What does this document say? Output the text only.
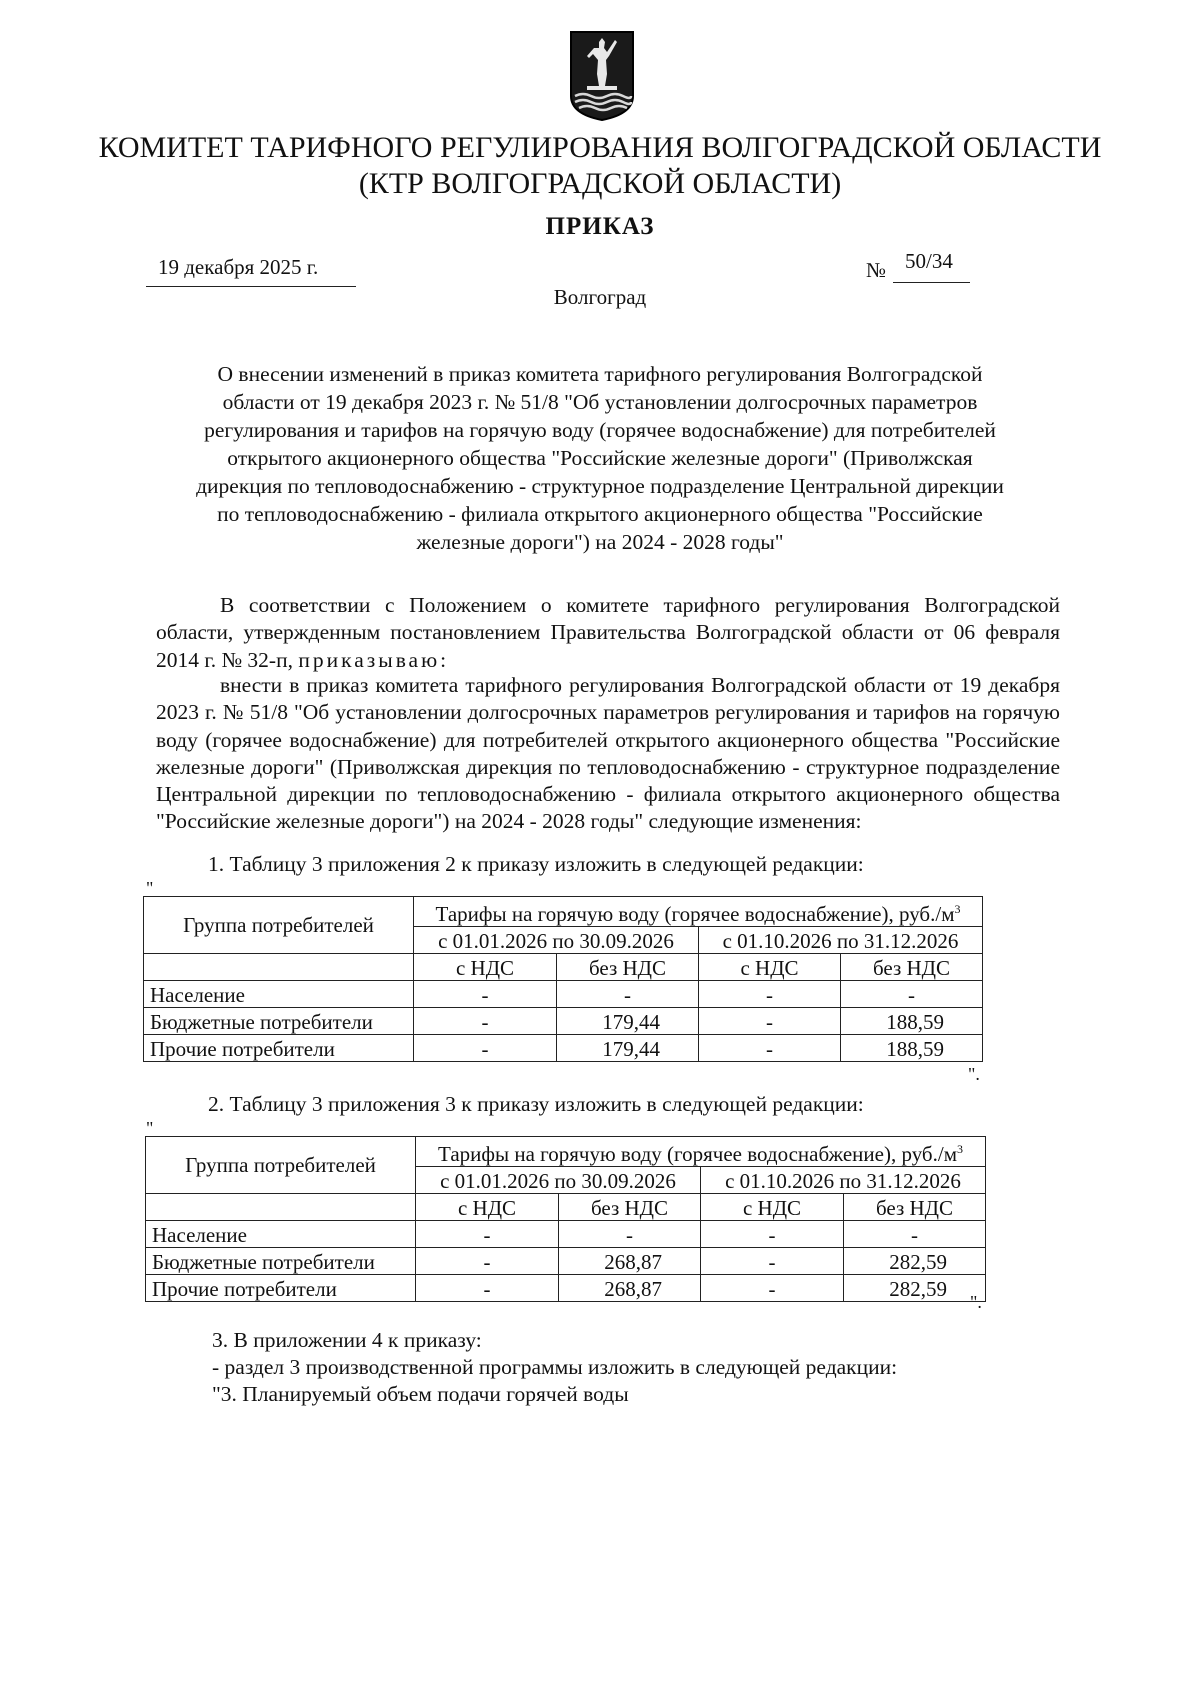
КОМИТЕТ ТАРИФНОГО РЕГУЛИРОВАНИЯ ВОЛГОГРАДСКОЙ ОБЛАСТИ
(КТР ВОЛГОГРАДСКОЙ ОБЛАСТИ)
ПРИКАЗ
19 декабря 2025 г.	№ 50/34
Волгоград
О внесении изменений в приказ комитета тарифного регулирования Волгоградской
области от 19 декабря 2023 г. № 51/8 "Об установлении долгосрочных параметров
регулирования и тарифов на горячую воду (горячее водоснабжение) для потребителей
открытого акционерного общества "Российские железные дороги" (Приволжская
дирекция по тепловодоснабжению - структурное подразделение Центральной дирекции
по тепловодоснабжению - филиала открытого акционерного общества "Российские
железные дороги") на 2024 - 2028 годы"
В соответствии с Положением о комитете тарифного регулирования Волгоградской области, утвержденным постановлением Правительства Волгоградской области от 06 февраля 2014 г. № 32-п, приказываю:
внести в приказ комитета тарифного регулирования Волгоградской области от 19 декабря 2023 г. № 51/8 "Об установлении долгосрочных параметров регулирования и тарифов на горячую воду (горячее водоснабжение) для потребителей открытого акционерного общества "Российские железные дороги" (Приволжская дирекция по тепловодоснабжению - структурное подразделение Центральной дирекции по тепловодоснабжению - филиала открытого акционерного общества "Российские железные дороги") на 2024 - 2028 годы" следующие изменения:
1. Таблицу 3 приложения 2 к приказу изложить в следующей редакции:
"
Группа потребителей	Тарифы на горячую воду (горячее водоснабжение), $руб./м^3$
	с 01.01.2026 по 30.09.2026		с 01.10.2026 по 31.12.2026	
	с НДС	без НДС	с НДС	без НДС
Население	-	-	-	-
Бюджетные потребители	-	179,44	-	188,59
Прочие потребители	-	179,44	-	188,59
".
2. Таблицу 3 приложения 3 к приказу изложить в следующей редакции:
"
Группа потребителей	Тарифы на горячую воду (горячее водоснабжение), $руб./м^3$
	с 01.01.2026 по 30.09.2026		с 01.10.2026 по 31.12.2026	
	с НДС	без НДС	с НДС	без НДС
Население	-	-	-	-
Бюджетные потребители	-	268,87	-	282,59
Прочие потребители	-	268,87	-	282,59
".
3. В приложении 4 к приказу:
- раздел 3 производственной программы изложить в следующей редакции:
"3. Планируемый объем подачи горячей воды
